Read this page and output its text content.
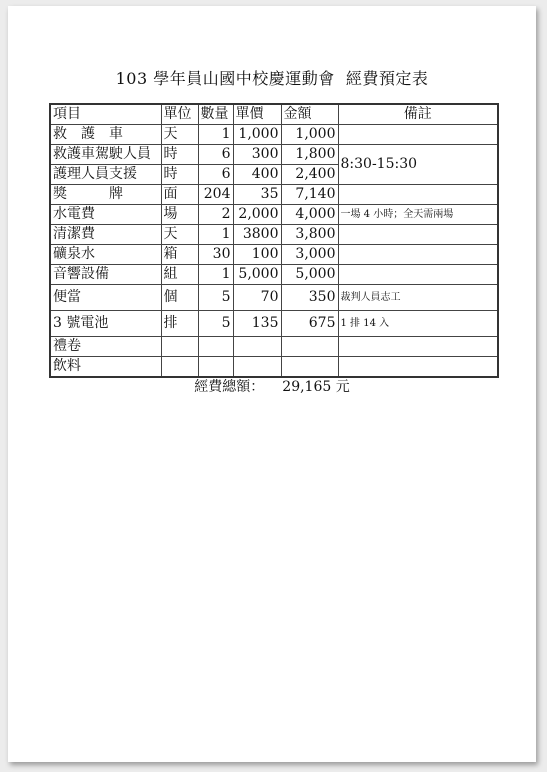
103 學年員山國中校慶運動會  經費預定表
項目	單位	數量	單價	金額	備註
救　護　車	天	1	1,000	1,000	
救護車駕駛人員	時	6	300	1,800	8:30-15:30
護理人員支援	時	6	400	2,400	
獎　　　牌	面	204	35	7,140	
水電費	場	2	2,000	4,000	一場 4 小時；全天需兩場
清潔費	天	1	3800	3,800	
礦泉水	箱	30	100	3,000	
音響設備	組	1	5,000	5,000	
便當	個	5	70	350	裁判人員志工
3 號電池	排	5	135	675	1 排 14 入
禮卷					
飲料					
經費總額： 29,165 元
